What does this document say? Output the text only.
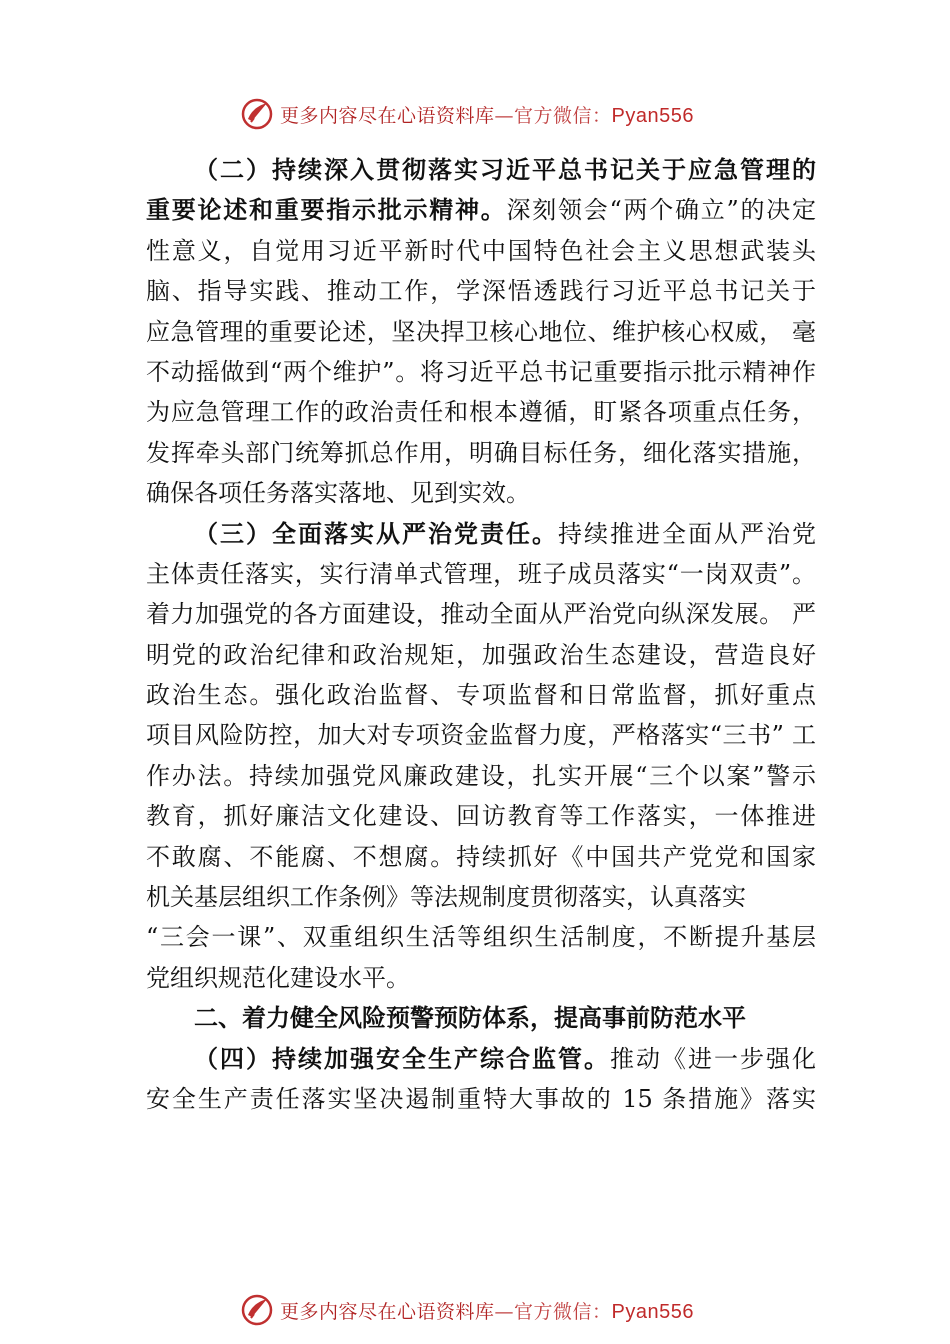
更多内容尽在心语资料库—官方微信：Pyan556
（二）持续深入贯彻落实习近平总书记关于应急管理的
重要论述和重要指示批示精神。深刻领会“两个确立”的决定
性意义，自觉用习近平新时代中国特色社会主义思想武装头
脑、指导实践、推动工作，学深悟透践行习近平总书记关于
应急管理的重要论述，坚决捍卫核心地位、维护核心权威， 毫
不动摇做到“两个维护”。将习近平总书记重要指示批示精神作
为应急管理工作的政治责任和根本遵循，盯紧各项重点任务，
发挥牵头部门统筹抓总作用，明确目标任务，细化落实措施，
确保各项任务落实落地、见到实效。
（三）全面落实从严治党责任。持续推进全面从严治党
主体责任落实，实行清单式管理，班子成员落实“一岗双责”。
着力加强党的各方面建设，推动全面从严治党向纵深发展。 严
明党的政治纪律和政治规矩，加强政治生态建设，营造良好
政治生态。强化政治监督、专项监督和日常监督，抓好重点
项目风险防控，加大对专项资金监督力度，严格落实“三书” 工
作办法。持续加强党风廉政建设，扎实开展“三个以案”警示
教育，抓好廉洁文化建设、回访教育等工作落实，一体推进
不敢腐、不能腐、不想腐。持续抓好《中国共产党党和国家
机关基层组织工作条例》等法规制度贯彻落实，认真落实
“三会一课”、双重组织生活等组织生活制度，不断提升基层
党组织规范化建设水平。
二、着力健全风险预警预防体系，提高事前防范水平
（四）持续加强安全生产综合监管。推动《进一步强化
安全生产责任落实坚决遏制重特大事故的 15 条措施》落实
更多内容尽在心语资料库—官方微信：Pyan556
